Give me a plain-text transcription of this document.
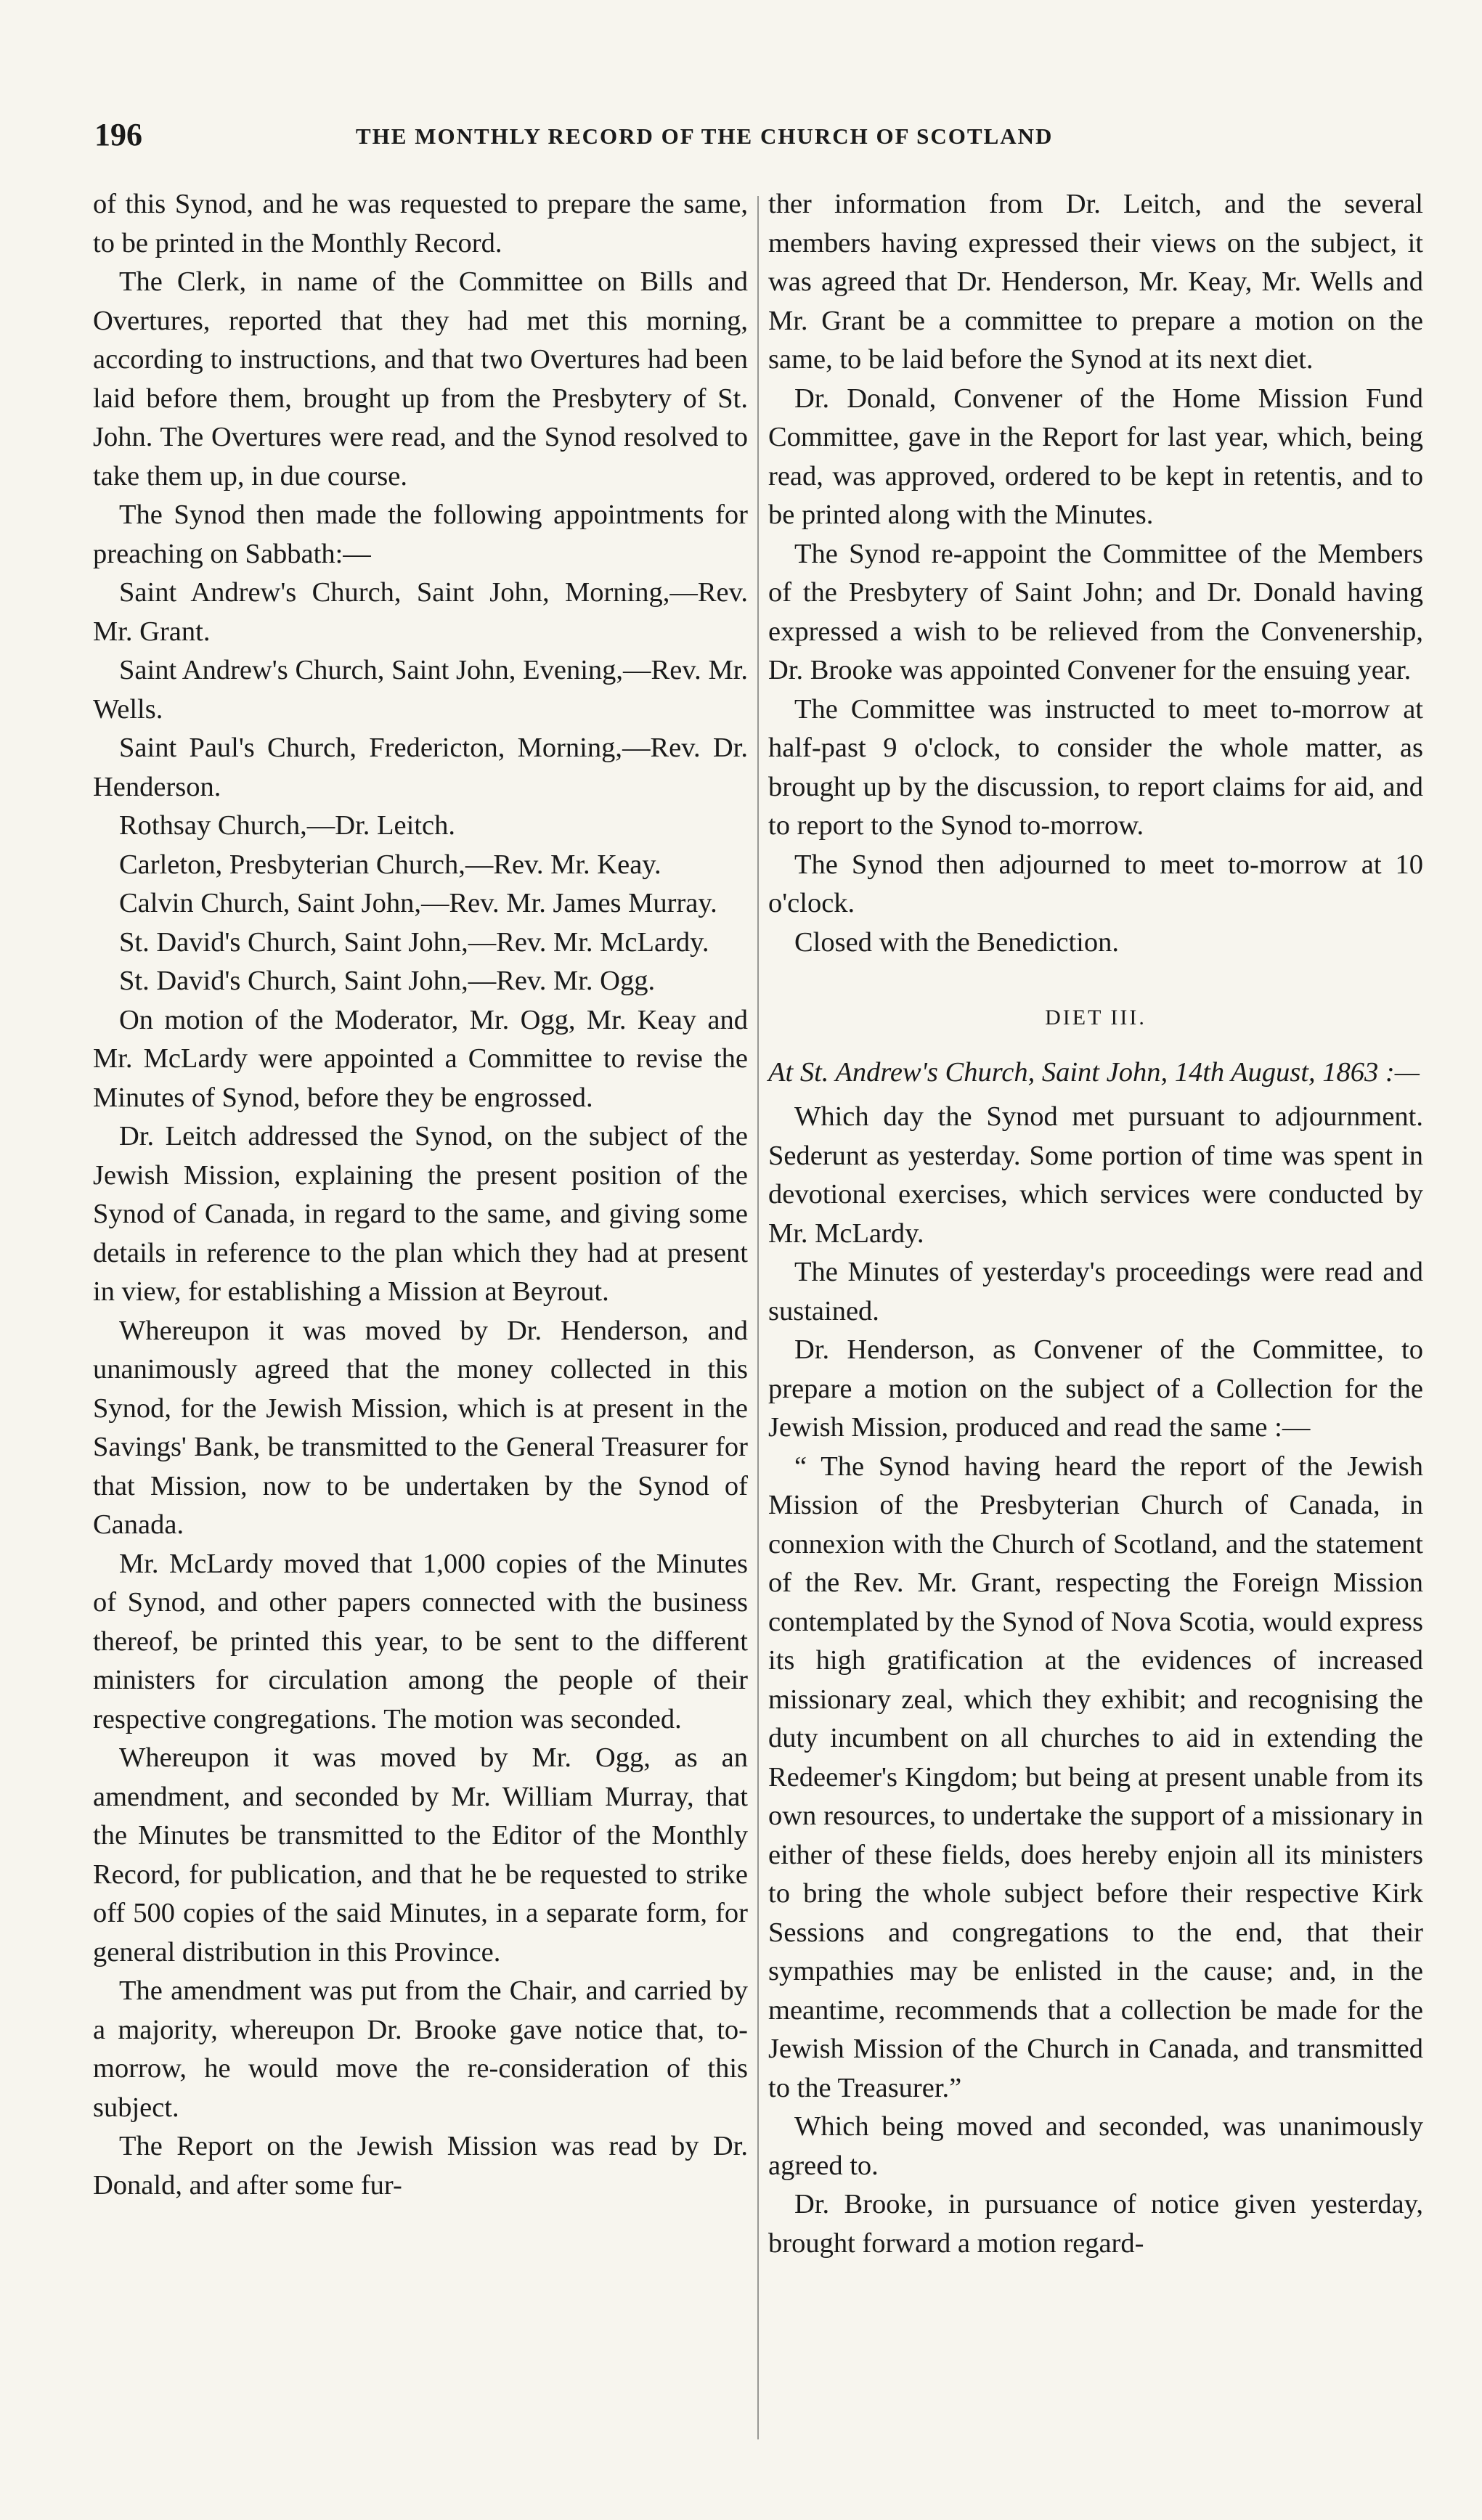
196	THE MONTHLY RECORD OF THE CHURCH OF SCOTLAND

of this Synod, and he was requested to prepare the same, to be printed in the Monthly Record.

The Clerk, in name of the Committee on Bills and Overtures, reported that they had met this morning, according to instructions, and that two Overtures had been laid before them, brought up from the Presbytery of St. John. The Overtures were read, and the Synod resolved to take them up, in due course.

The Synod then made the following appointments for preaching on Sabbath:—

Saint Andrew's Church, Saint John, Morning,—Rev. Mr. Grant.

Saint Andrew's Church, Saint John, Evening,—Rev. Mr. Wells.

Saint Paul's Church, Fredericton, Morning,—Rev. Dr. Henderson.

Rothsay Church,—Dr. Leitch.

Carleton, Presbyterian Church,—Rev. Mr. Keay.

Calvin Church, Saint John,—Rev. Mr. James Murray.

St. David's Church, Saint John,—Rev. Mr. McLardy.

St. David's Church, Saint John,—Rev. Mr. Ogg.

On motion of the Moderator, Mr. Ogg, Mr. Keay and Mr. McLardy were appointed a Committee to revise the Minutes of Synod, before they be engrossed.

Dr. Leitch addressed the Synod, on the subject of the Jewish Mission, explaining the present position of the Synod of Canada, in regard to the same, and giving some details in reference to the plan which they had at present in view, for establishing a Mission at Beyrout.

Whereupon it was moved by Dr. Henderson, and unanimously agreed that the money collected in this Synod, for the Jewish Mission, which is at present in the Savings' Bank, be transmitted to the General Treasurer for that Mission, now to be undertaken by the Synod of Canada.

Mr. McLardy moved that 1,000 copies of the Minutes of Synod, and other papers connected with the business thereof, be printed this year, to be sent to the different ministers for circulation among the people of their respective congregations. The motion was seconded.

Whereupon it was moved by Mr. Ogg, as an amendment, and seconded by Mr. William Murray, that the Minutes be transmitted to the Editor of the Monthly Record, for publication, and that he be requested to strike off 500 copies of the said Minutes, in a separate form, for general distribution in this Province.

The amendment was put from the Chair, and carried by a majority, whereupon Dr. Brooke gave notice that, to-morrow, he would move the re-consideration of this subject.

The Report on the Jewish Mission was read by Dr. Donald, and after some fur-

ther information from Dr. Leitch, and the several members having expressed their views on the subject, it was agreed that Dr. Henderson, Mr. Keay, Mr. Wells and Mr. Grant be a committee to prepare a motion on the same, to be laid before the Synod at its next diet.

Dr. Donald, Convener of the Home Mission Fund Committee, gave in the Report for last year, which, being read, was approved, ordered to be kept in retentis, and to be printed along with the Minutes.

The Synod re-appoint the Committee of the Members of the Presbytery of Saint John; and Dr. Donald having expressed a wish to be relieved from the Convenership, Dr. Brooke was appointed Convener for the ensuing year.

The Committee was instructed to meet to-morrow at half-past 9 o'clock, to consider the whole matter, as brought up by the discussion, to report claims for aid, and to report to the Synod to-morrow.

The Synod then adjourned to meet to-morrow at 10 o'clock.

Closed with the Benediction.

DIET III.

At St. Andrew's Church, Saint John, 14th August, 1863 :—

Which day the Synod met pursuant to adjournment. Sederunt as yesterday. Some portion of time was spent in devotional exercises, which services were conducted by Mr. McLardy.

The Minutes of yesterday's proceedings were read and sustained.

Dr. Henderson, as Convener of the Committee, to prepare a motion on the subject of a Collection for the Jewish Mission, produced and read the same :—

“ The Synod having heard the report of the Jewish Mission of the Presbyterian Church of Canada, in connexion with the Church of Scotland, and the statement of the Rev. Mr. Grant, respecting the Foreign Mission contemplated by the Synod of Nova Scotia, would express its high gratification at the evidences of increased missionary zeal, which they exhibit; and recognising the duty incumbent on all churches to aid in extending the Redeemer's Kingdom; but being at present unable from its own resources, to undertake the support of a missionary in either of these fields, does hereby enjoin all its ministers to bring the whole subject before their respective Kirk Sessions and congregations to the end, that their sympathies may be enlisted in the cause; and, in the meantime, recommends that a collection be made for the Jewish Mission of the Church in Canada, and transmitted to the Treasurer.”

Which being moved and seconded, was unanimously agreed to.

Dr. Brooke, in pursuance of notice given yesterday, brought forward a motion regard-
